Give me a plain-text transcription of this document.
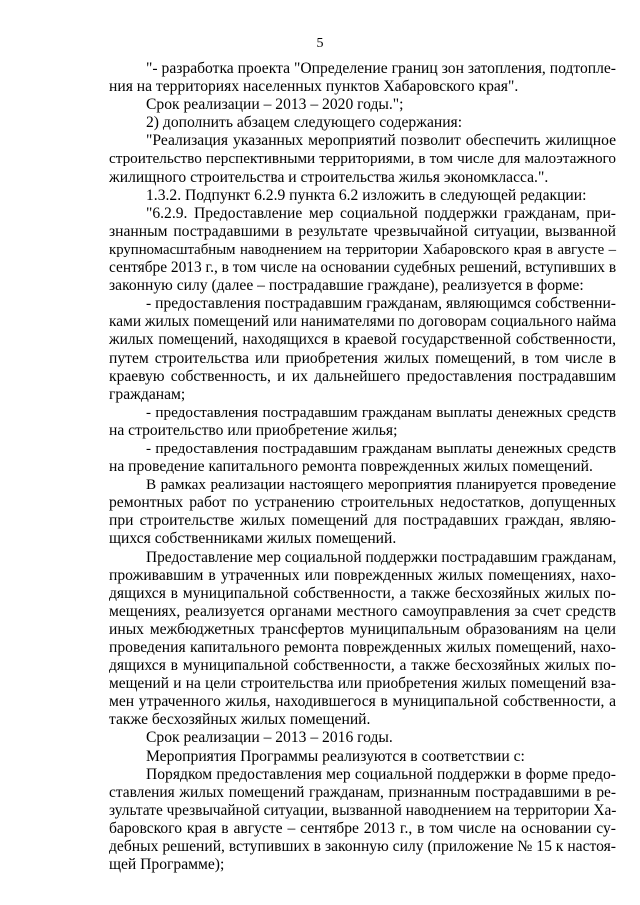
5
"- разработка проекта "Определение границ зон затопления, подтопле-
ния на территориях населенных пунктов Хабаровского края".
Срок реализации – 2013 – 2020 годы.";
2) дополнить абзацем следующего содержания:
"Реализация указанных мероприятий позволит обеспечить жилищное
строительство перспективными территориями, в том числе для малоэтажного
жилищного строительства и строительства жилья экономкласса.".
1.3.2. Подпункт 6.2.9 пункта 6.2 изложить в следующей редакции:
"6.2.9. Предоставление мер социальной поддержки гражданам, при-
знанным пострадавшими в результате чрезвычайной ситуации, вызванной
крупномасштабным наводнением на территории Хабаровского края в августе –
сентябре 2013 г., в том числе на основании судебных решений, вступивших в
законную силу (далее – пострадавшие граждане), реализуется в форме:
- предоставления пострадавшим гражданам, являющимся собственни-
ками жилых помещений или нанимателями по договорам социального найма
жилых помещений, находящихся в краевой государственной собственности,
путем строительства или приобретения жилых помещений, в том числе в
краевую собственность, и их дальнейшего предоставления пострадавшим
гражданам;
- предоставления пострадавшим гражданам выплаты денежных средств
на строительство или приобретение жилья;
- предоставления пострадавшим гражданам выплаты денежных средств
на проведение капитального ремонта поврежденных жилых помещений.
В рамках реализации настоящего мероприятия планируется проведение
ремонтных работ по устранению строительных недостатков, допущенных
при строительстве жилых помещений для пострадавших граждан, являю-
щихся собственниками жилых помещений.
Предоставление мер социальной поддержки пострадавшим гражданам,
проживавшим в утраченных или поврежденных жилых помещениях, нахо-
дящихся в муниципальной собственности, а также бесхозяйных жилых по-
мещениях, реализуется органами местного самоуправления за счет средств
иных межбюджетных трансфертов муниципальным образованиям на цели
проведения капитального ремонта поврежденных жилых помещений, нахо-
дящихся в муниципальной собственности, а также бесхозяйных жилых по-
мещений и на цели строительства или приобретения жилых помещений вза-
мен утраченного жилья, находившегося в муниципальной собственности, а
также бесхозяйных жилых помещений.
Срок реализации – 2013 – 2016 годы.
Мероприятия Программы реализуются в соответствии с:
Порядком предоставления мер социальной поддержки в форме предо-
ставления жилых помещений гражданам, признанным пострадавшими в ре-
зультате чрезвычайной ситуации, вызванной наводнением на территории Ха-
баровского края в августе – сентябре 2013 г., в том числе на основании су-
дебных решений, вступивших в законную силу (приложение № 15 к настоя-
щей Программе);
